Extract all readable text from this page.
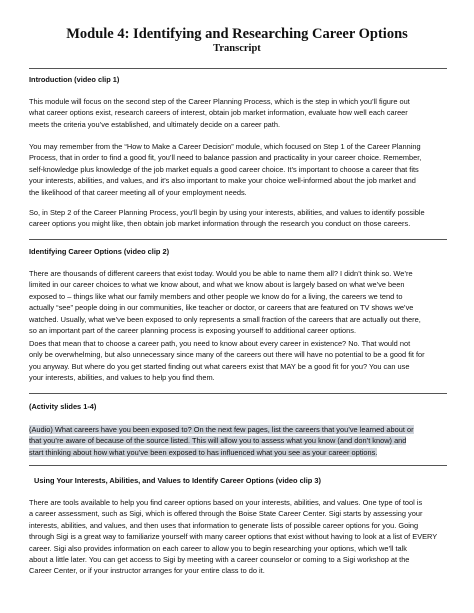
Module 4: Identifying and Researching Career Options
Transcript
Introduction (video clip 1)
This module will focus on the second step of the Career Planning Process, which is the step in which you’ll figure out
what career options exist, research careers of interest, obtain job market information, evaluate how well each career
meets the criteria you’ve established, and ultimately decide on a career path.
You may remember from the “How to Make a Career Decision” module, which focused on Step 1 of the Career Planning
Process, that in order to find a good fit, you’ll need to balance passion and practicality in your career choice. Remember,
self-knowledge plus knowledge of the job market equals a good career choice. It’s important to choose a career that fits
your interests, abilities, and values, and it’s also important to make your choice well-informed about the job market and
the likelihood of that career meeting all of your employment needs.
So, in Step 2 of the Career Planning Process, you’ll begin by using your interests, abilities, and values to identify possible
career options you might like, then obtain job market information through the research you conduct on those careers.
Identifying Career Options (video clip 2)
There are thousands of different careers that exist today. Would you be able to name them all? I didn’t think so. We’re
limited in our career choices to what we know about, and what we know about is largely based on what we’ve been
exposed to – things like what our family members and other people we know do for a living, the careers we tend to
actually “see” people doing in our communities, like teacher or doctor, or careers that are featured on TV shows we’ve
watched. Usually, what we’ve been exposed to only represents a small fraction of the careers that are actually out there,
so an important part of the career planning process is exposing yourself to additional career options.
Does that mean that to choose a career path, you need to know about every career in existence? No. That would not
only be overwhelming, but also unnecessary since many of the careers out there will have no potential to be a good fit for
you anyway. But where do you get started finding out what careers exist that MAY be a good fit for you? You can use
your interests, abilities, and values to help you find them.
(Activity slides 1-4)
(Audio) What careers have you been exposed to? On the next few pages, list the careers that you’ve learned about or
that you’re aware of because of the source listed. This will allow you to assess what you know (and don’t know) and
start thinking about how what you’ve been exposed to has influenced what you see as your career options.
Using Your Interests, Abilities, and Values to Identify Career Options (video clip 3)
There are tools available to help you find career options based on your interests, abilities, and values. One type of tool is
a career assessment, such as Sigi, which is offered through the Boise State Career Center. Sigi starts by assessing your
interests, abilities, and values, and then uses that information to generate lists of possible career options for you. Going
through Sigi is a great way to familiarize yourself with many career options that exist without having to look at a list of EVERY
career. Sigi also provides information on each career to allow you to begin researching your options, which we’ll talk
about a little later. You can get access to Sigi by meeting with a career counselor or coming to a Sigi workshop at the
Career Center, or if your instructor arranges for your entire class to do it.
